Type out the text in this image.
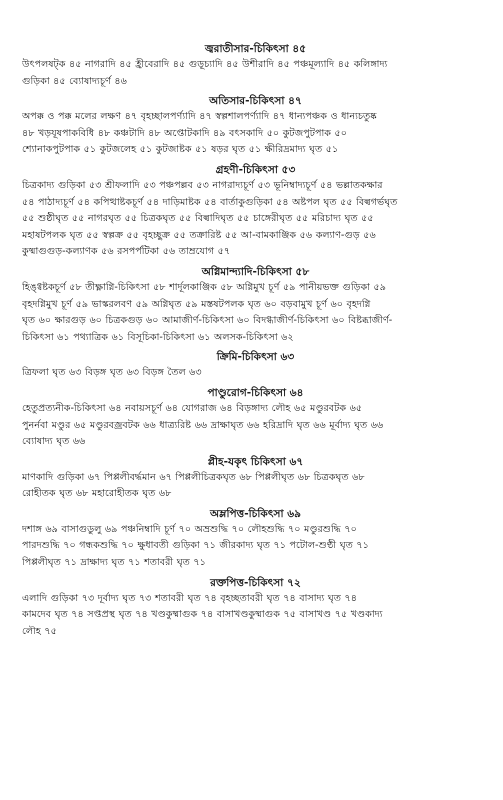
জ্বরাতীসার-চিকিৎসা ৪৫
উৎপলষট্‌ক ৪৫ নাগরাদি ৪৫ হ্রীবেরাদি ৪৫ গুড়ূচ্যাদি ৪৫ উশীরাদি ৪৫ পঞ্চমূল্যাদি ৪৫ কলিঙ্গাদ্য
গুড়িকা ৪৫ ব্যোষাদ্যচূর্ণ ৪৬
অতিসার-চিকিৎসা ৪৭
অপক্ক ও পক্ক মলের লক্ষণ ৪৭ বৃহচ্ছালপর্ণ্যাদি ৪৭ স্বল্পশালপর্ণ্যাদি ৪৭ ধান্যপঞ্চক ও ধান্যচতুষ্ক
৪৮ খড়যূষপাকবিধি ৪৮ কঞ্চটাদি ৪৮ অপ্তোটকাদি ৪৯ বৎসকাদি ৫০ কুটজপুটপাক ৫০
শ্যোনাকপুটপাক ৫১ কুটজলেহ ৫১ কুটজাষ্টক ৫১ ষড়র ঘৃত ৫১ ক্ষীরিদ্রমাদ্য ঘৃত ৫১
গ্রহণী-চিকিৎসা ৫৩
চিত্রকাদ্য গুড়িকা ৫৩ শ্রীফলাদি ৫৩ পঞ্চপল্লব ৫৩ নাগরাদ্যচূর্ণ ৫৩ ভূনিম্বাদ্যচূর্ণ ৫৪ ভল্লাতকক্ষার
৫৪ পাঠাদ্যচূর্ণ ৫৪ কপিত্থাষ্টকচূর্ণ ৫৪ দাড়িমাষ্টক ৫৪ বার্তাকুগুড়িকা ৫৪ অষ্টপল ঘৃত ৫৫ বিল্বগর্ভঘৃত
৫৫ শুষ্ঠীঘৃত ৫৫ নাগরঘৃত ৫৫ চিত্রকঘৃত ৫৫ বিল্বাদিঘৃত ৫৫ চাঙ্গেরীঘৃত ৫৫ মরিচাদ্য ঘৃত ৫৫
মহাষটপলক ঘৃত ৫৫ স্বল্পক্র ৫৫ বৃহচ্ছুক্র ৫৫ তক্রারিষ্ট ৫৫ আ-বামকাঞ্জিক ৫৬ কল্যাণ-গুড় ৫৬
কুষ্মাগুগুড়-কল্যাণক ৫৬ রসপর্পটিকা ৫৬ তাম্রযোগ ৫৭
অগ্নিমান্দ্যাদি-চিকিৎসা ৫৮
হিঙ্গ্বষ্টকচূর্ণ ৫৮ তীক্ষ্ণাগ্নি-চিকিৎসা ৫৮ শার্দূলকাঞ্জিক ৫৮ অগ্নিমুখ চূর্ণ ৫৯ পানীয়ভক্ত গুড়িকা ৫৯
বৃহদগ্নিমুখ চূর্ণ ৫৯ ভাস্করলবণ ৫৯ অগ্নিঘৃত ৫৯ মস্তষটপলক ঘৃত ৬০ বড়বামুখ চূর্ণ ৬০ বৃহদগ্নি
ঘৃত ৬০ ক্ষারগুড় ৬০ চিত্রকগুড় ৬০ আমাজীর্ণ-চিকিৎসা ৬০ বিদগ্ধাজীর্ণ-চিকিৎসা ৬০ বিষ্টব্ধাজীর্ণ-
চিকিৎসা ৬১ পথ্যাত্রিক ৬১ বিসূচিকা-চিকিৎসা ৬১ অলসক-চিকিৎসা ৬২
ক্রিমি-চিকিৎসা ৬৩
ত্রিফলা ঘৃত ৬৩ বিড়ঙ্গ ঘৃত ৬৩ বিড়ঙ্গ তৈল ৬৩
পাণ্ডুরোগ-চিকিৎসা ৬৪
হেতুপ্রত্যনীক-চিকিৎসা ৬৪ নবায়সচূর্ণ ৬৪ যোগরাজ ৬৪ বিড়ঙ্গাদ্য লৌহ ৬৫ মণ্ডুরবটক ৬৫
পুনর্নবা মণ্ডুর ৬৫ মণ্ডুরবজ্রবটক ৬৬ ধাত্র্যরিষ্ট ৬৬ দ্রাক্ষাঘৃত ৬৬ হরিদ্রাদি ঘৃত ৬৬ মূর্বাদ্য ঘৃত ৬৬
ব্যোষাদ্য ঘৃত ৬৬
প্লীহ-যকৃৎ চিকিৎসা ৬৭
মাণকাদি গুড়িকা ৬৭ পিপ্পলীবর্দ্ধমান ৬৭ পিপ্পলীচিত্রকঘৃত ৬৮ পিপ্পলীঘৃত ৬৮ চিত্রকঘৃত ৬৮
রোহীতক ঘৃত ৬৮ মহারোহীতক ঘৃত ৬৮
অম্লপিত্ত-চিকিৎসা ৬৯
দশাঙ্গ ৬৯ বাসাগুডুলু ৬৯ পঞ্চনিম্বাদি চূর্ণ ৭০ অভ্রশুদ্ধি ৭০ লৌহশুদ্ধি ৭০ মণ্ডুরশুদ্ধি ৭০
পারদশুদ্ধি ৭০ গন্ধকশুদ্ধি ৭০ ক্ষুধাবতী গুড়িকা ৭১ জীরকাদ্য ঘৃত ৭১ পটোল-শুণ্ঠী ঘৃত ৭১
পিপ্পলীঘৃত ৭১ দ্রাক্ষাদ্য ঘৃত ৭১ শতাবরী ঘৃত ৭১
রক্তপিত্ত-চিকিৎসা ৭২
এলাদি গুড়িকা ৭৩ দূর্বাদ্য ঘৃত ৭৩ শতাবরী ঘৃত ৭৪ বৃহচ্ছতাবরী ঘৃত ৭৪ বাসাদ্য ঘৃত ৭৪
কামদেব ঘৃত ৭৪ সপ্তপ্রস্থ ঘৃত ৭৪ খণ্ডকুষ্মাগুক ৭৪ বাসাখণ্ডকুষ্মাগুক ৭৫ বাসাখণ্ড ৭৫ খণ্ডকাদ্য
লৌহ ৭৫
